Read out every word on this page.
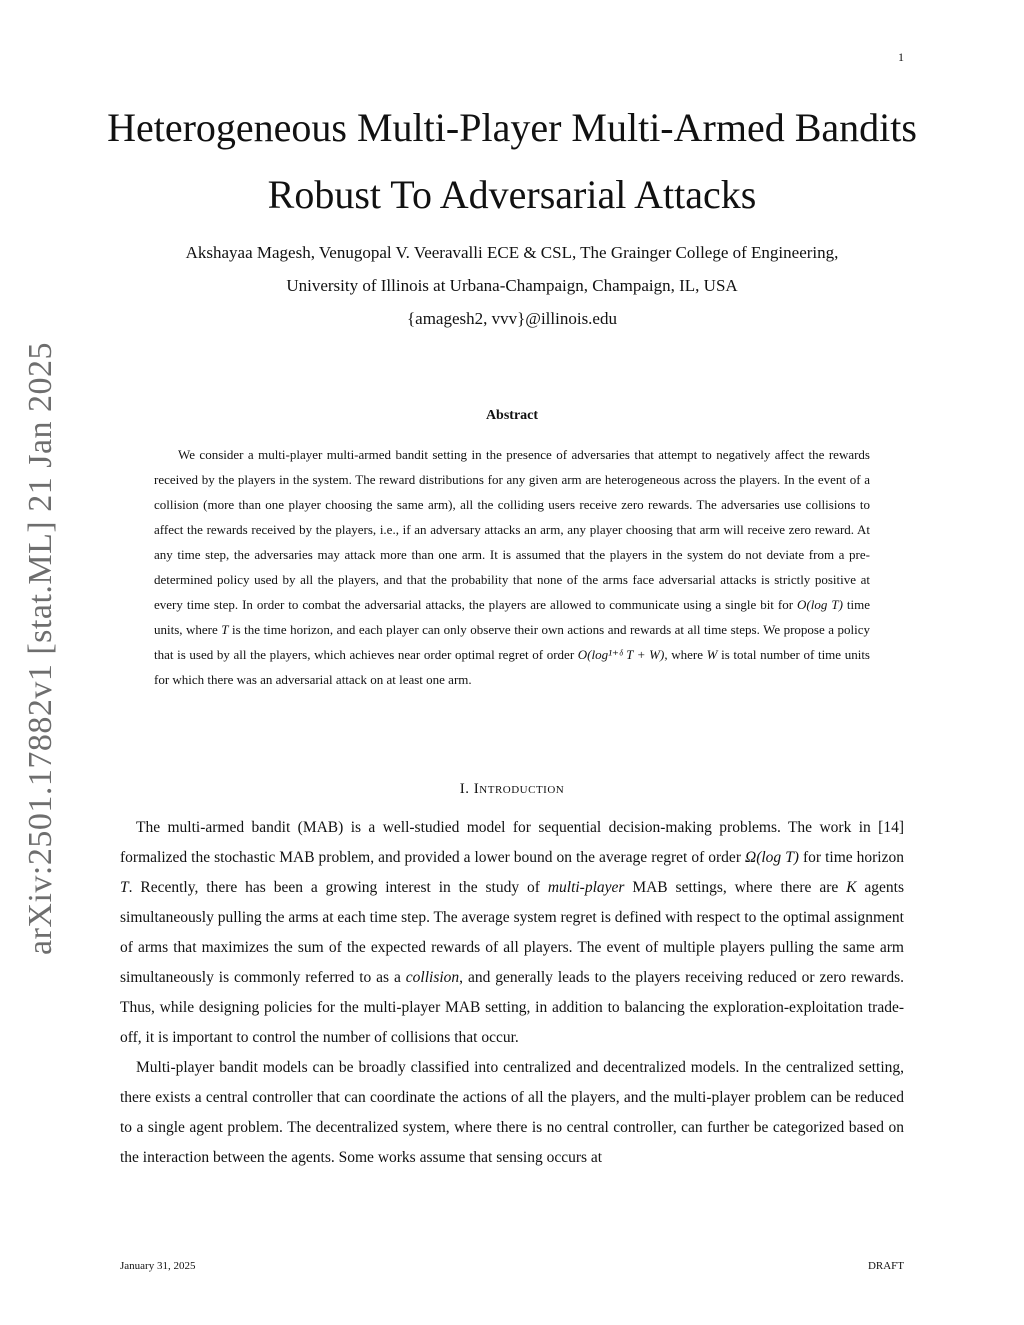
1
arXiv:2501.17882v1 [stat.ML] 21 Jan 2025
Heterogeneous Multi-Player Multi-Armed Bandits Robust To Adversarial Attacks
Akshayaa Magesh, Venugopal V. Veeravalli ECE & CSL, The Grainger College of Engineering,
University of Illinois at Urbana-Champaign, Champaign, IL, USA
{amagesh2, vvv}@illinois.edu
Abstract
We consider a multi-player multi-armed bandit setting in the presence of adversaries that attempt to negatively affect the rewards received by the players in the system. The reward distributions for any given arm are heterogeneous across the players. In the event of a collision (more than one player choosing the same arm), all the colliding users receive zero rewards. The adversaries use collisions to affect the rewards received by the players, i.e., if an adversary attacks an arm, any player choosing that arm will receive zero reward. At any time step, the adversaries may attack more than one arm. It is assumed that the players in the system do not deviate from a pre-determined policy used by all the players, and that the probability that none of the arms face adversarial attacks is strictly positive at every time step. In order to combat the adversarial attacks, the players are allowed to communicate using a single bit for O(log T) time units, where T is the time horizon, and each player can only observe their own actions and rewards at all time steps. We propose a policy that is used by all the players, which achieves near order optimal regret of order O(log¹⁺ᵟ T + W), where W is total number of time units for which there was an adversarial attack on at least one arm.
I. Introduction

The multi-armed bandit (MAB) is a well-studied model for sequential decision-making problems. The work in [14] formalized the stochastic MAB problem, and provided a lower bound on the average regret of order Ω(log T) for time horizon T. Recently, there has been a growing interest in the study of multi-player MAB settings, where there are K agents simultaneously pulling the arms at each time step. The average system regret is defined with respect to the optimal assignment of arms that maximizes the sum of the expected rewards of all players. The event of multiple players pulling the same arm simultaneously is commonly referred to as a collision, and generally leads to the players receiving reduced or zero rewards. Thus, while designing policies for the multi-player MAB setting, in addition to balancing the exploration-exploitation trade-off, it is important to control the number of collisions that occur.

Multi-player bandit models can be broadly classified into centralized and decentralized models. In the centralized setting, there exists a central controller that can coordinate the actions of all the players, and the multi-player problem can be reduced to a single agent problem. The decentralized system, where there is no central controller, can further be categorized based on the interaction between the agents. Some works assume that sensing occurs at

January 31, 2025	DRAFT
